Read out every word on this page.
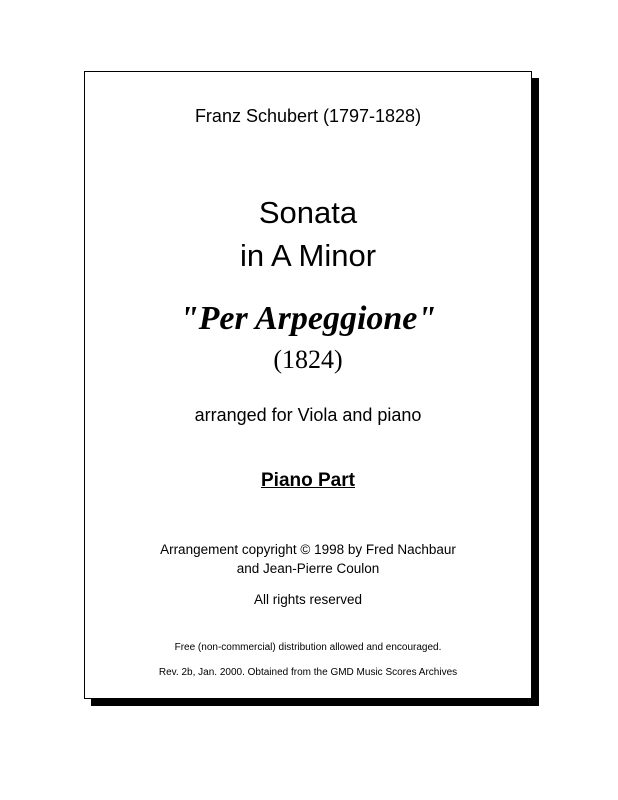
Franz Schubert (1797-1828)
Sonata
in A Minor
"Per Arpeggione"
(1824)
arranged for Viola and piano
Piano Part
Arrangement copyright © 1998 by Fred Nachbaur
and Jean-Pierre Coulon
All rights reserved
Free (non-commercial) distribution allowed and encouraged.
Rev. 2b, Jan. 2000. Obtained from the GMD Music Scores Archives
